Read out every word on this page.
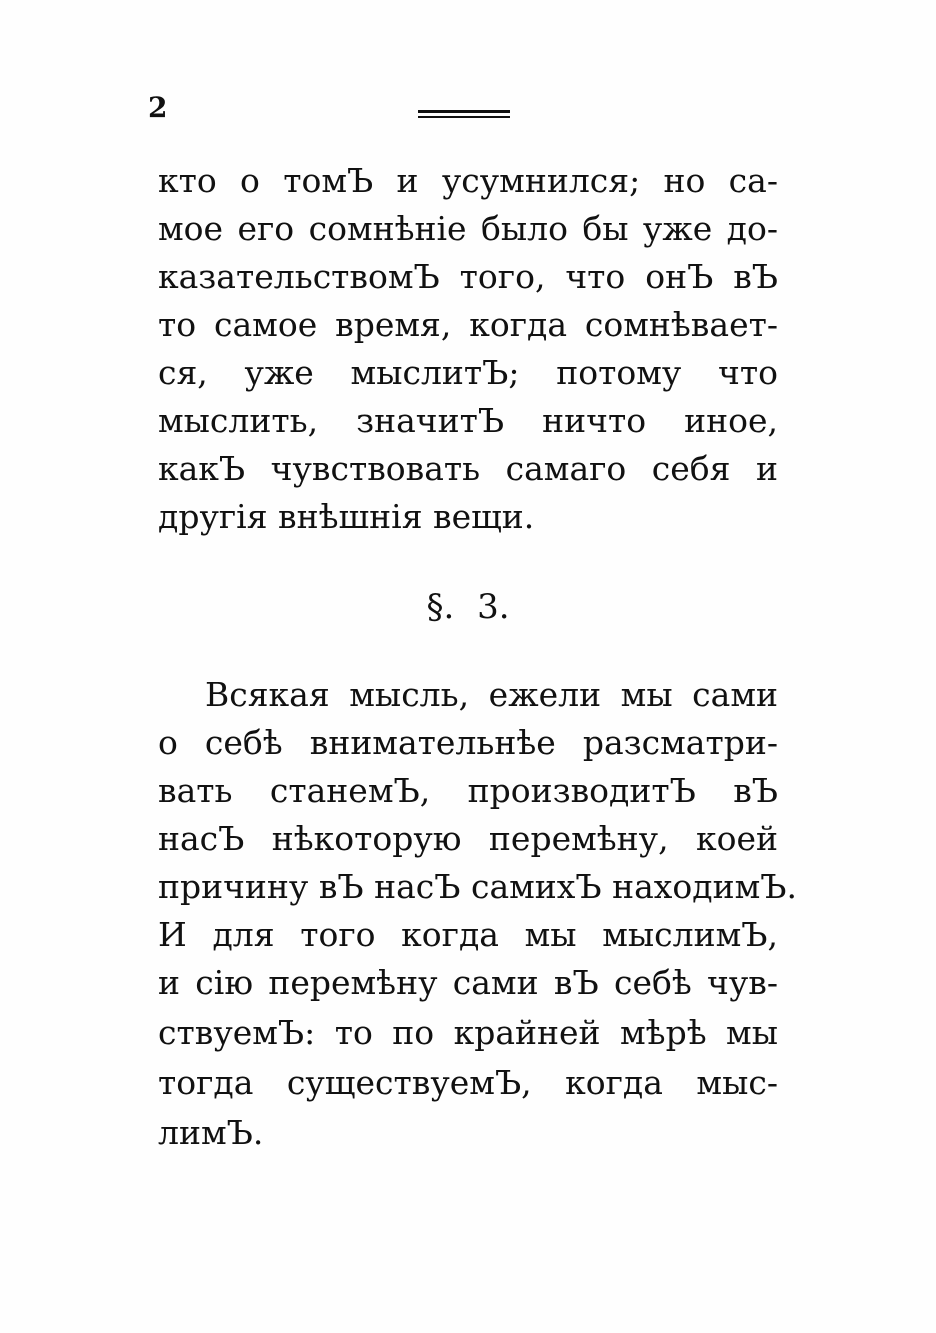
2
кто о томЪ и усумнился; но са-
мое его сомнѣніе было бы уже до-
казательствомЪ того, что онЪ вЪ
то самое время, когда сомнѣвает-
ся, уже мыслитЪ; потому что
мыслить, значитЪ ничто иное,
какЪ чувствовать самаго себя и
другія внѣшнія вещи.
§. 3.
Всякая мысль, ежели мы сами
о себѣ внимательнѣе разсматри-
вать станемЪ, производитЪ вЪ
насЪ нѣкоторую перемѣну, коей
причину вЪ насЪ самихЪ находимЪ.
И для того когда мы мыслимЪ,
и сію перемѣну сами вЪ себѣ чув-
ствуемЪ: то по крайней мѣрѣ мы
тогда существуемЪ, когда мыс-
лимЪ.
